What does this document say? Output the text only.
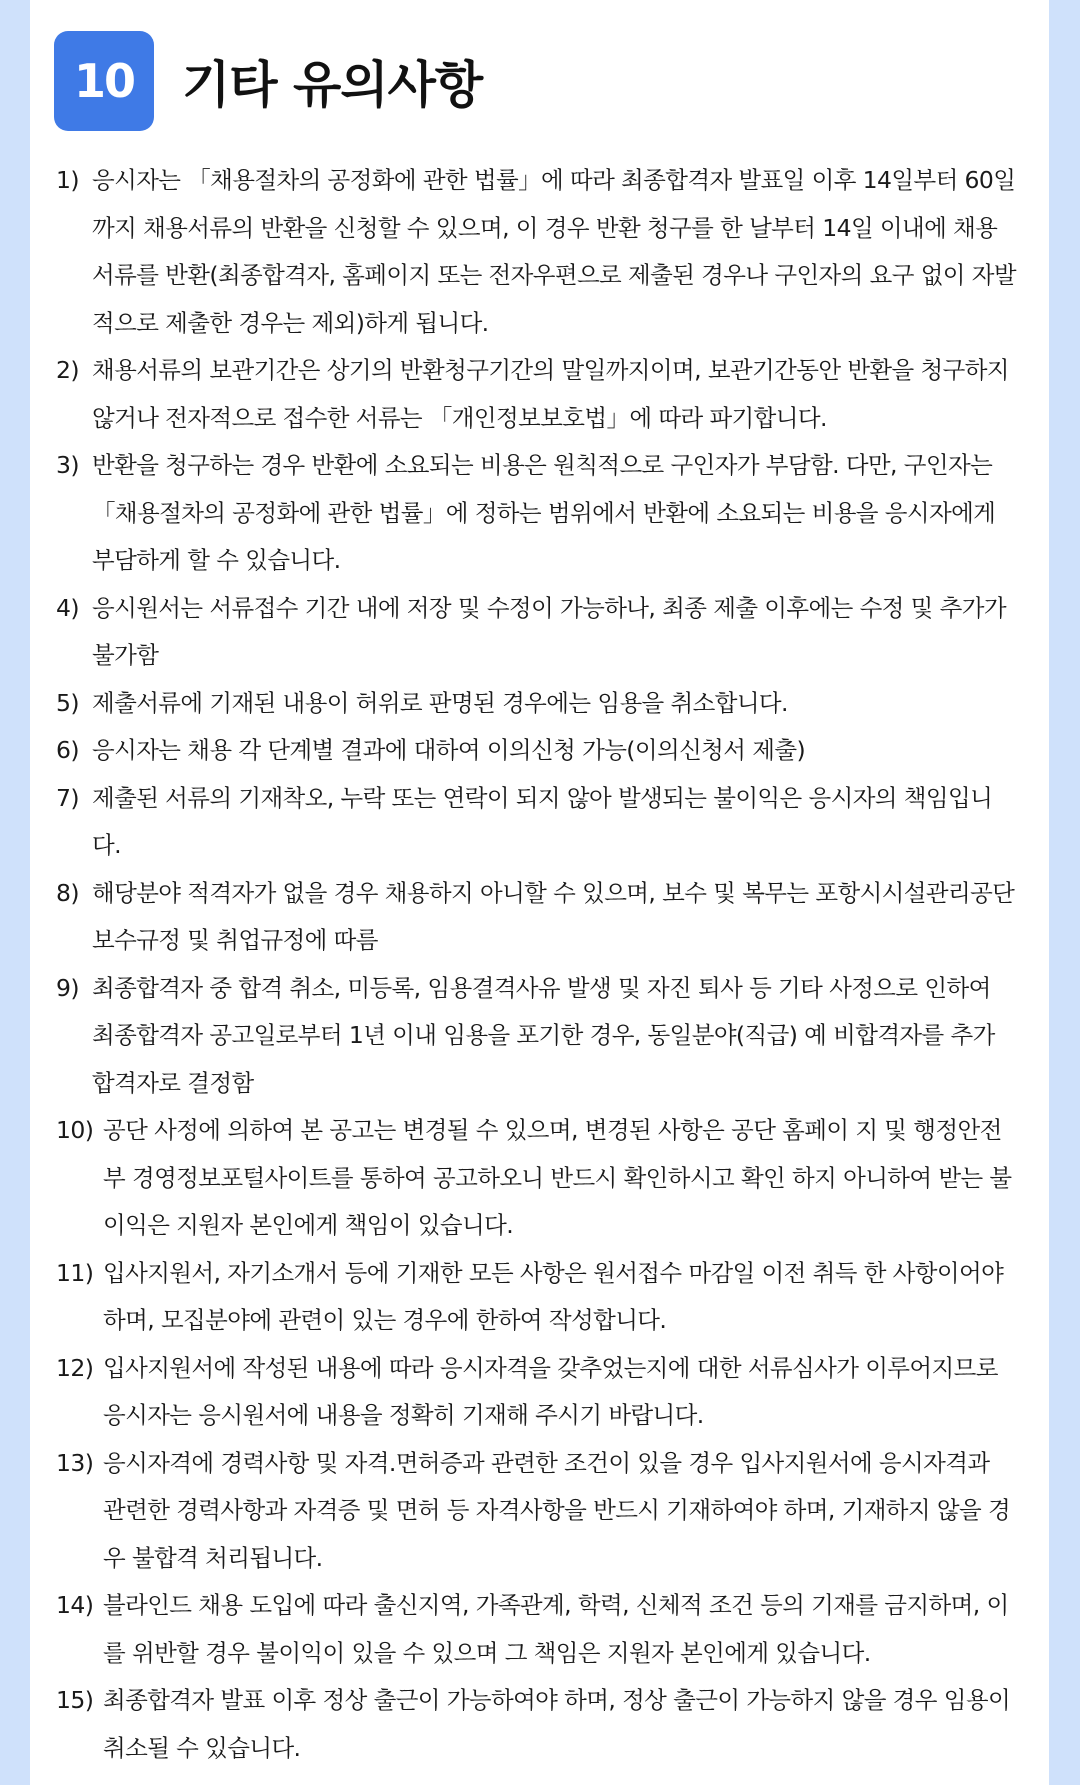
10 기타 유의사항
1) 응시자는 「채용절차의 공정화에 관한 법률」에 따라 최종합격자 발표일 이후 14일부터 60일까지 채용서류의 반환을 신청할 수 있으며, 이 경우 반환 청구를 한 날부터 14일 이내에 채용서류를 반환(최종합격자, 홈페이지 또는 전자우편으로 제출된 경우나 구인자의 요구 없이 자발적으로 제출한 경우는 제외)하게 됩니다.
2) 채용서류의 보관기간은 상기의 반환청구기간의 말일까지이며, 보관기간동안 반환을 청구하지 않거나 전자적으로 접수한 서류는 「개인정보보호법」에 따라 파기합니다.
3) 반환을 청구하는 경우 반환에 소요되는 비용은 원칙적으로 구인자가 부담함. 다만, 구인자는 「채용절차의 공정화에 관한 법률」에 정하는 범위에서 반환에 소요되는 비용을 응시자에게 부담하게 할 수 있습니다.
4) 응시원서는 서류접수 기간 내에 저장 및 수정이 가능하나, 최종 제출 이후에는 수정 및 추가가 불가함
5) 제출서류에 기재된 내용이 허위로 판명된 경우에는 임용을 취소합니다.
6) 응시자는 채용 각 단계별 결과에 대하여 이의신청 가능(이의신청서 제출)
7) 제출된 서류의 기재착오, 누락 또는 연락이 되지 않아 발생되는 불이익은 응시자의 책임입니다.
8) 해당분야 적격자가 없을 경우 채용하지 아니할 수 있으며, 보수 및 복무는 포항시시설관리공단 보수규정 및 취업규정에 따름
9) 최종합격자 중 합격 취소, 미등록, 임용결격사유 발생 및 자진 퇴사 등 기타 사정으로 인하여 최종합격자 공고일로부터 1년 이내 임용을 포기한 경우, 동일분야(직급) 예 비합격자를 추가 합격자로 결정함
10) 공단 사정에 의하여 본 공고는 변경될 수 있으며, 변경된 사항은 공단 홈페이 지 및 행정안전부 경영정보포털사이트를 통하여 공고하오니 반드시 확인하시고 확인 하지 아니하여 받는 불이익은 지원자 본인에게 책임이 있습니다.
11) 입사지원서, 자기소개서 등에 기재한 모든 사항은 원서접수 마감일 이전 취득 한 사항이어야 하며, 모집분야에 관련이 있는 경우에 한하여 작성합니다.
12) 입사지원서에 작성된 내용에 따라 응시자격을 갖추었는지에 대한 서류심사가 이루어지므로 응시자는 응시원서에 내용을 정확히 기재해 주시기 바랍니다.
13) 응시자격에 경력사항 및 자격.면허증과 관련한 조건이 있을 경우 입사지원서에 응시자격과 관련한 경력사항과 자격증 및 면허 등 자격사항을 반드시 기재하여야 하며, 기재하지 않을 경우 불합격 처리됩니다.
14) 블라인드 채용 도입에 따라 출신지역, 가족관계, 학력, 신체적 조건 등의 기재를 금지하며, 이를 위반할 경우 불이익이 있을 수 있으며 그 책임은 지원자 본인에게 있습니다.
15) 최종합격자 발표 이후 정상 출근이 가능하여야 하며, 정상 출근이 가능하지 않을 경우 임용이 취소될 수 있습니다.
